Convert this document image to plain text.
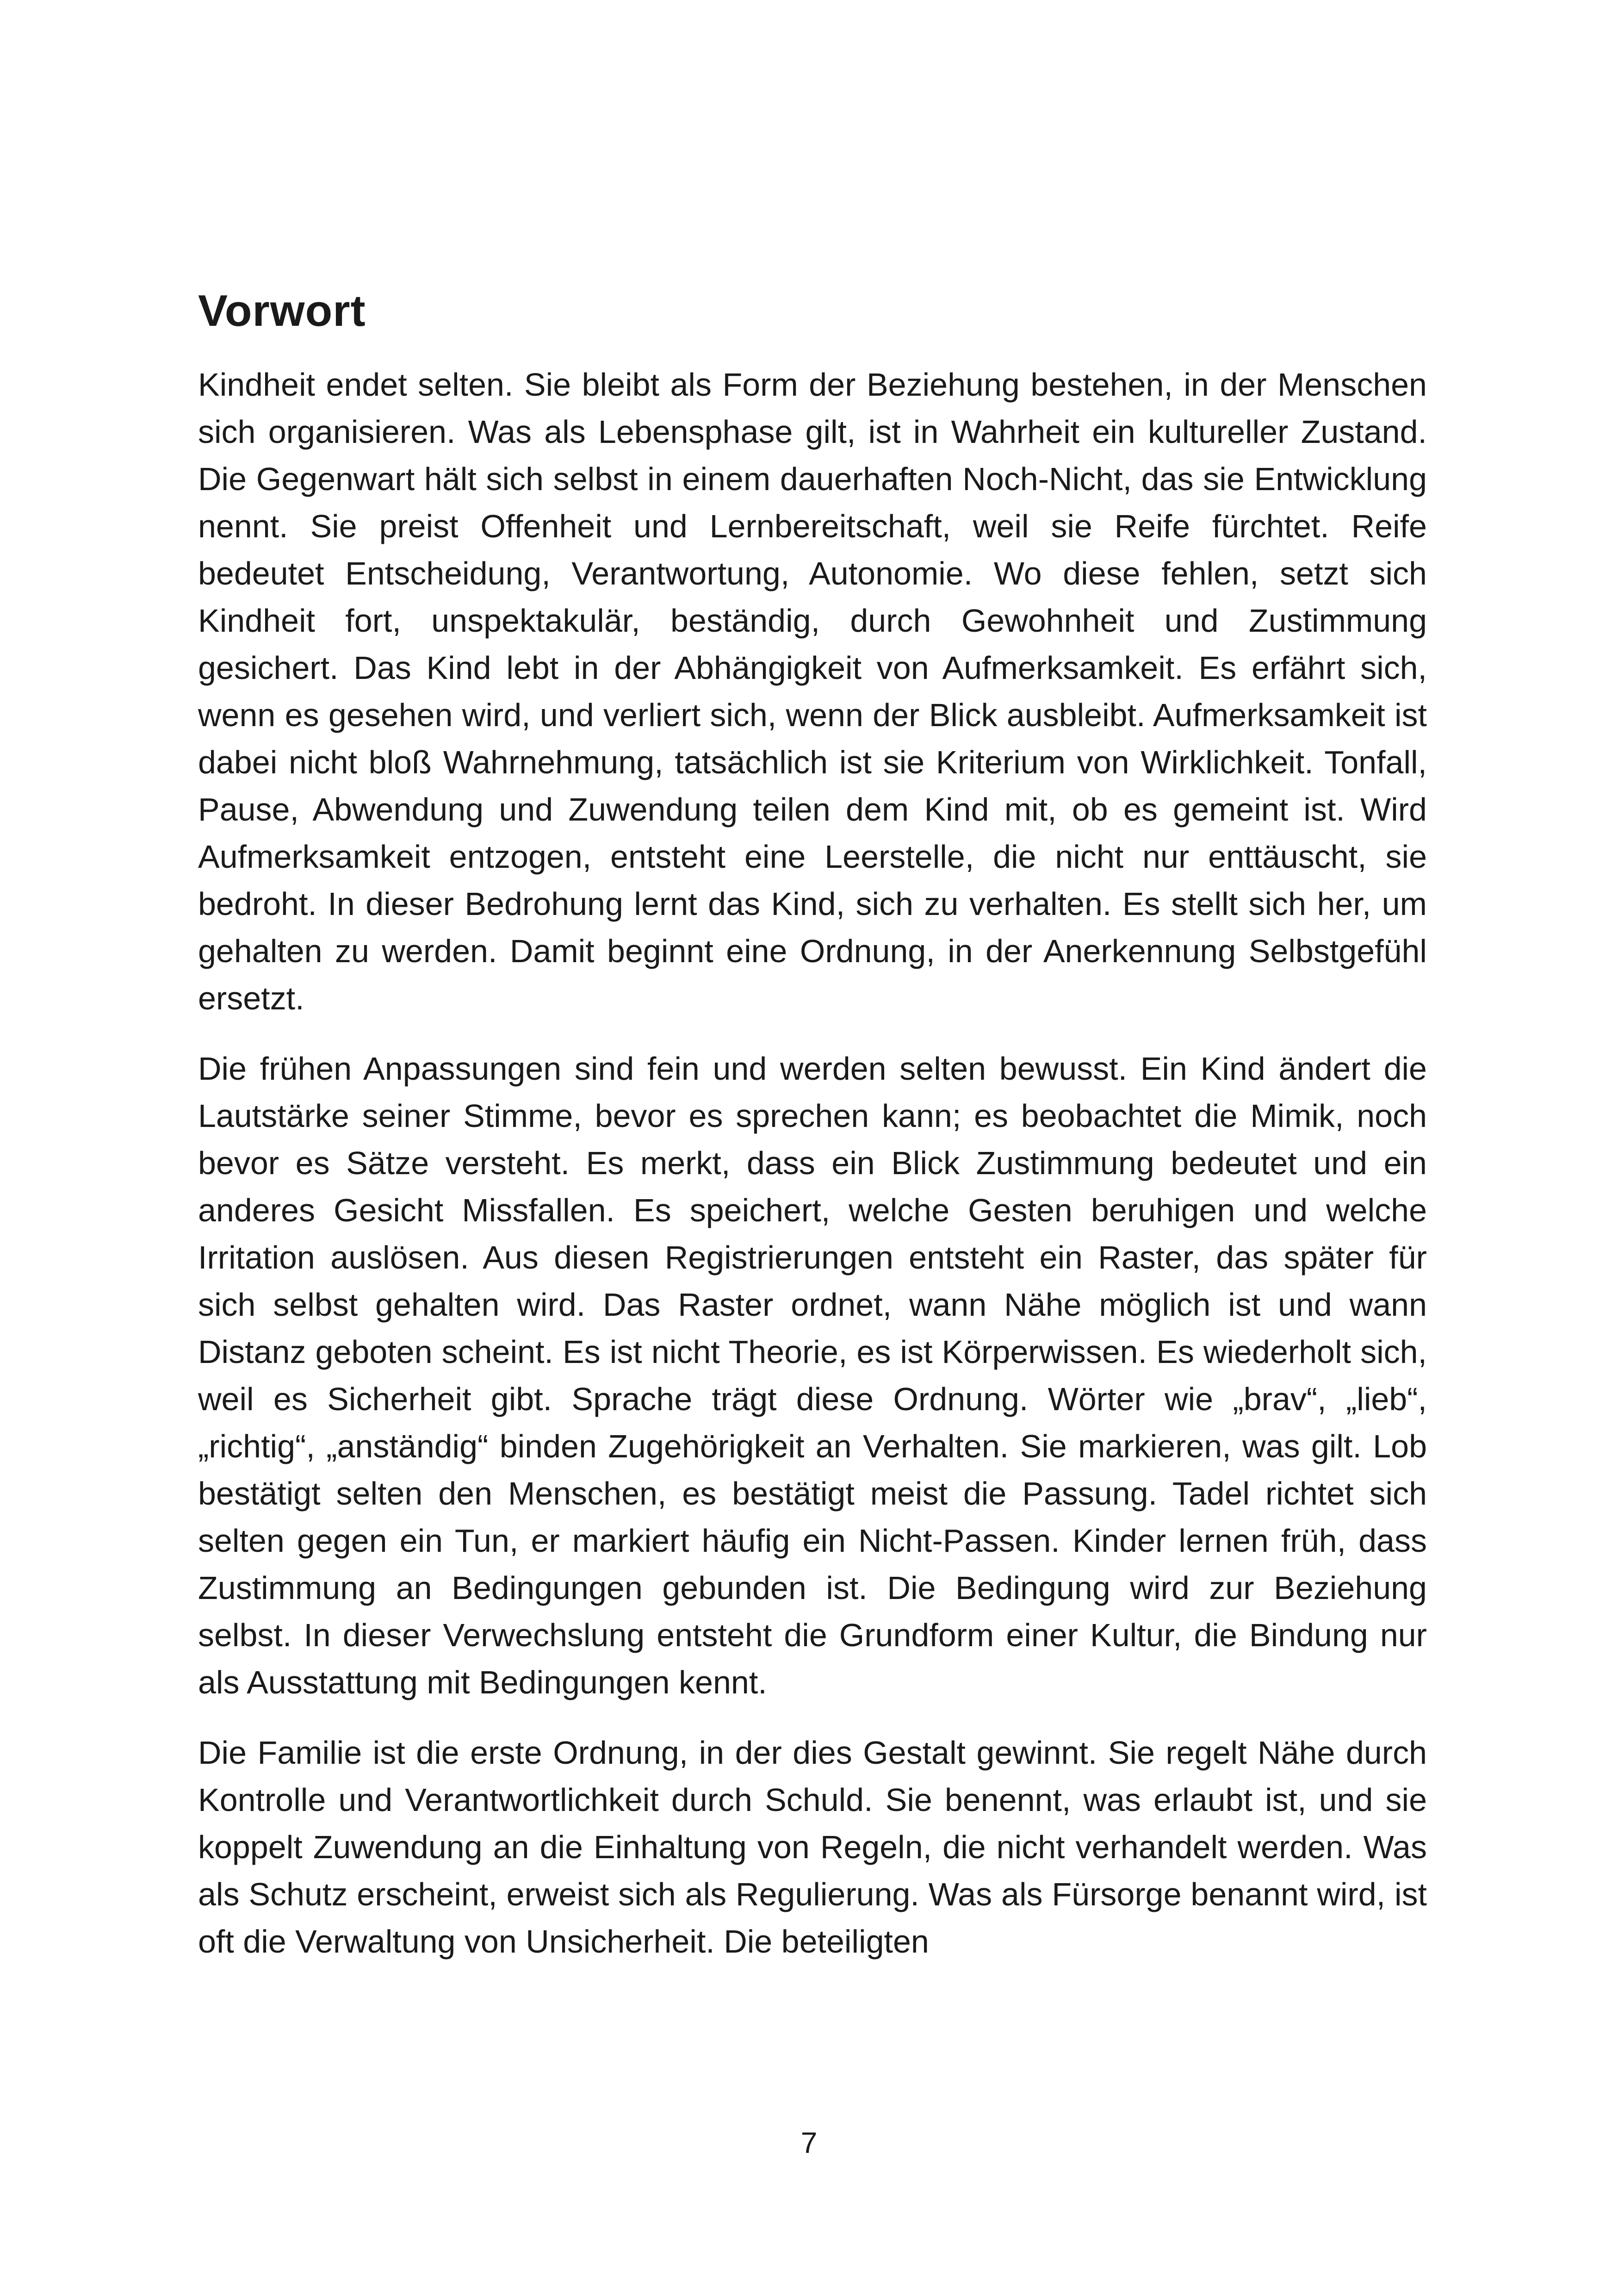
Vorwort

Kindheit endet selten. Sie bleibt als Form der Beziehung bestehen, in der Menschen sich organisieren. Was als Lebensphase gilt, ist in Wahrheit ein kultureller Zustand. Die Gegenwart hält sich selbst in einem dauerhaften Noch-Nicht, das sie Entwicklung nennt. Sie preist Offenheit und Lernbereitschaft, weil sie Reife fürchtet. Reife bedeutet Entscheidung, Verantwortung, Autonomie. Wo diese fehlen, setzt sich Kindheit fort, unspektakulär, beständig, durch Gewohnheit und Zustimmung gesichert. Das Kind lebt in der Abhängigkeit von Aufmerksamkeit. Es erfährt sich, wenn es gesehen wird, und verliert sich, wenn der Blick ausbleibt. Aufmerksamkeit ist dabei nicht bloß Wahrnehmung, tatsächlich ist sie Kriterium von Wirklichkeit. Tonfall, Pause, Abwendung und Zuwendung teilen dem Kind mit, ob es gemeint ist. Wird Aufmerksamkeit entzogen, entsteht eine Leerstelle, die nicht nur enttäuscht, sie bedroht. In dieser Bedrohung lernt das Kind, sich zu verhalten. Es stellt sich her, um gehalten zu werden. Damit beginnt eine Ordnung, in der Anerkennung Selbstgefühl ersetzt.

Die frühen Anpassungen sind fein und werden selten bewusst. Ein Kind ändert die Lautstärke seiner Stimme, bevor es sprechen kann; es beobachtet die Mimik, noch bevor es Sätze versteht. Es merkt, dass ein Blick Zustimmung bedeutet und ein anderes Gesicht Missfallen. Es speichert, welche Gesten beruhigen und welche Irritation auslösen. Aus diesen Registrierungen entsteht ein Raster, das später für sich selbst gehalten wird. Das Raster ordnet, wann Nähe möglich ist und wann Distanz geboten scheint. Es ist nicht Theorie, es ist Körperwissen. Es wiederholt sich, weil es Sicherheit gibt. Sprache trägt diese Ordnung. Wörter wie „brav“, „lieb“, „richtig“, „anständig“ binden Zugehörigkeit an Verhalten. Sie markieren, was gilt. Lob bestätigt selten den Menschen, es bestätigt meist die Passung. Tadel richtet sich selten gegen ein Tun, er markiert häufig ein Nicht-Passen. Kinder lernen früh, dass Zustimmung an Bedingungen gebunden ist. Die Bedingung wird zur Beziehung selbst. In dieser Verwechslung entsteht die Grundform einer Kultur, die Bindung nur als Ausstattung mit Bedingungen kennt.

Die Familie ist die erste Ordnung, in der dies Gestalt gewinnt. Sie regelt Nähe durch Kontrolle und Verantwortlichkeit durch Schuld. Sie benennt, was erlaubt ist, und sie koppelt Zuwendung an die Einhaltung von Regeln, die nicht verhandelt werden. Was als Schutz erscheint, erweist sich als Regulierung. Was als Fürsorge benannt wird, ist oft die Verwaltung von Unsicherheit. Die beteiligten

7
